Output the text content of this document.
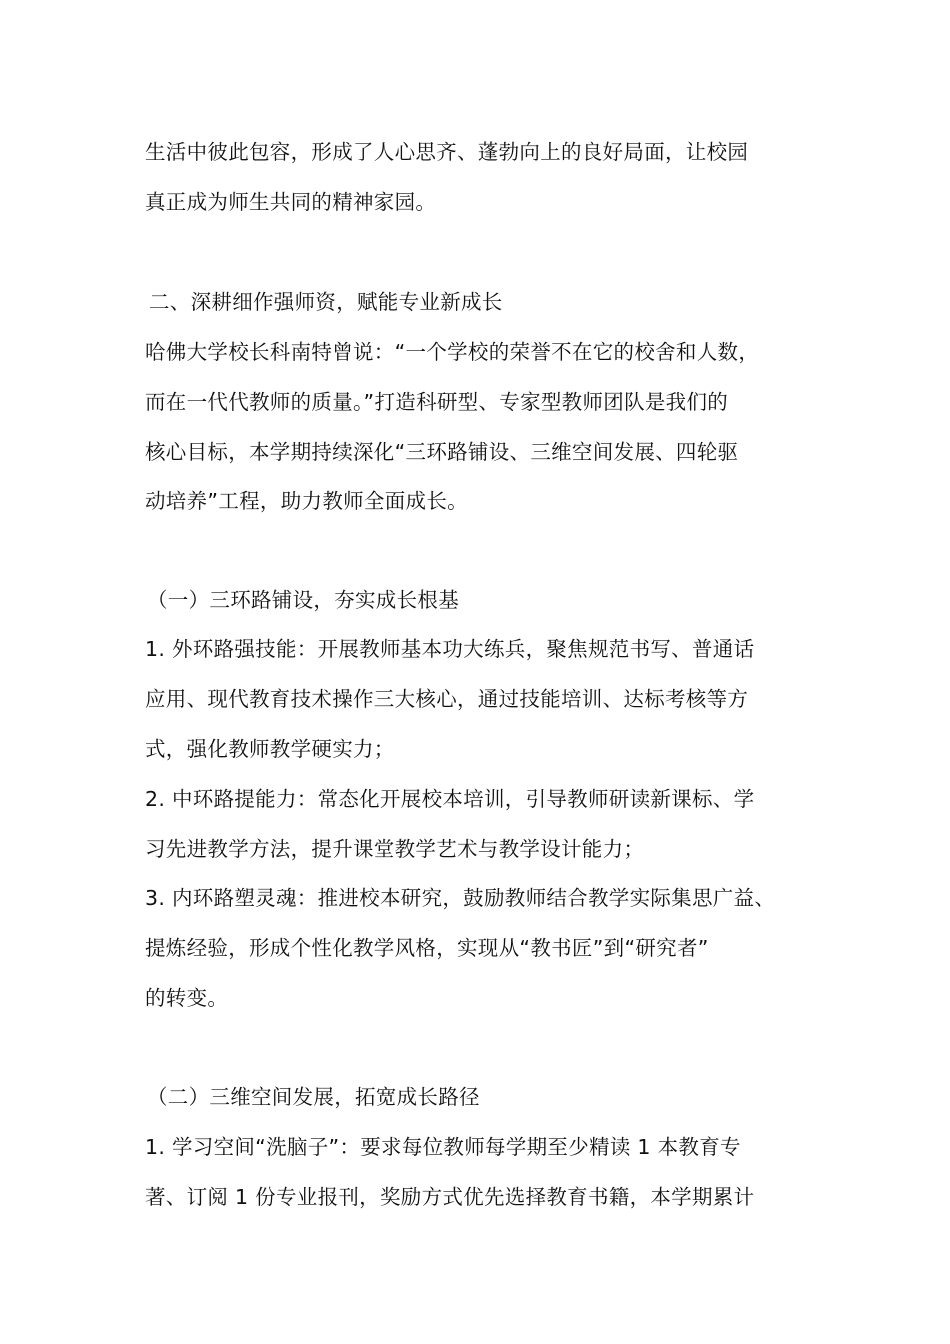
生活中彼此包容，形成了人心思齐、蓬勃向上的良好局面，让校园
真正成为师生共同的精神家园。
二、深耕细作强师资，赋能专业新成长
哈佛大学校长科南特曾说：“一个学校的荣誉不在它的校舍和人数，
而在一代代教师的质量。”打造科研型、专家型教师团队是我们的
核心目标，本学期持续深化“三环路铺设、三维空间发展、四轮驱
动培养”工程，助力教师全面成长。
（一）三环路铺设，夯实成长根基
1. 外环路强技能：开展教师基本功大练兵，聚焦规范书写、普通话
应用、现代教育技术操作三大核心，通过技能培训、达标考核等方
式，强化教师教学硬实力；
2. 中环路提能力：常态化开展校本培训，引导教师研读新课标、学
习先进教学方法，提升课堂教学艺术与教学设计能力；
3. 内环路塑灵魂：推进校本研究，鼓励教师结合教学实际集思广益、
提炼经验，形成个性化教学风格，实现从“教书匠”到“研究者”
的转变。
（二）三维空间发展，拓宽成长路径
1. 学习空间“洗脑子”：要求每位教师每学期至少精读 1 本教育专
著、订阅 1 份专业报刊，奖励方式优先选择教育书籍，本学期累计
